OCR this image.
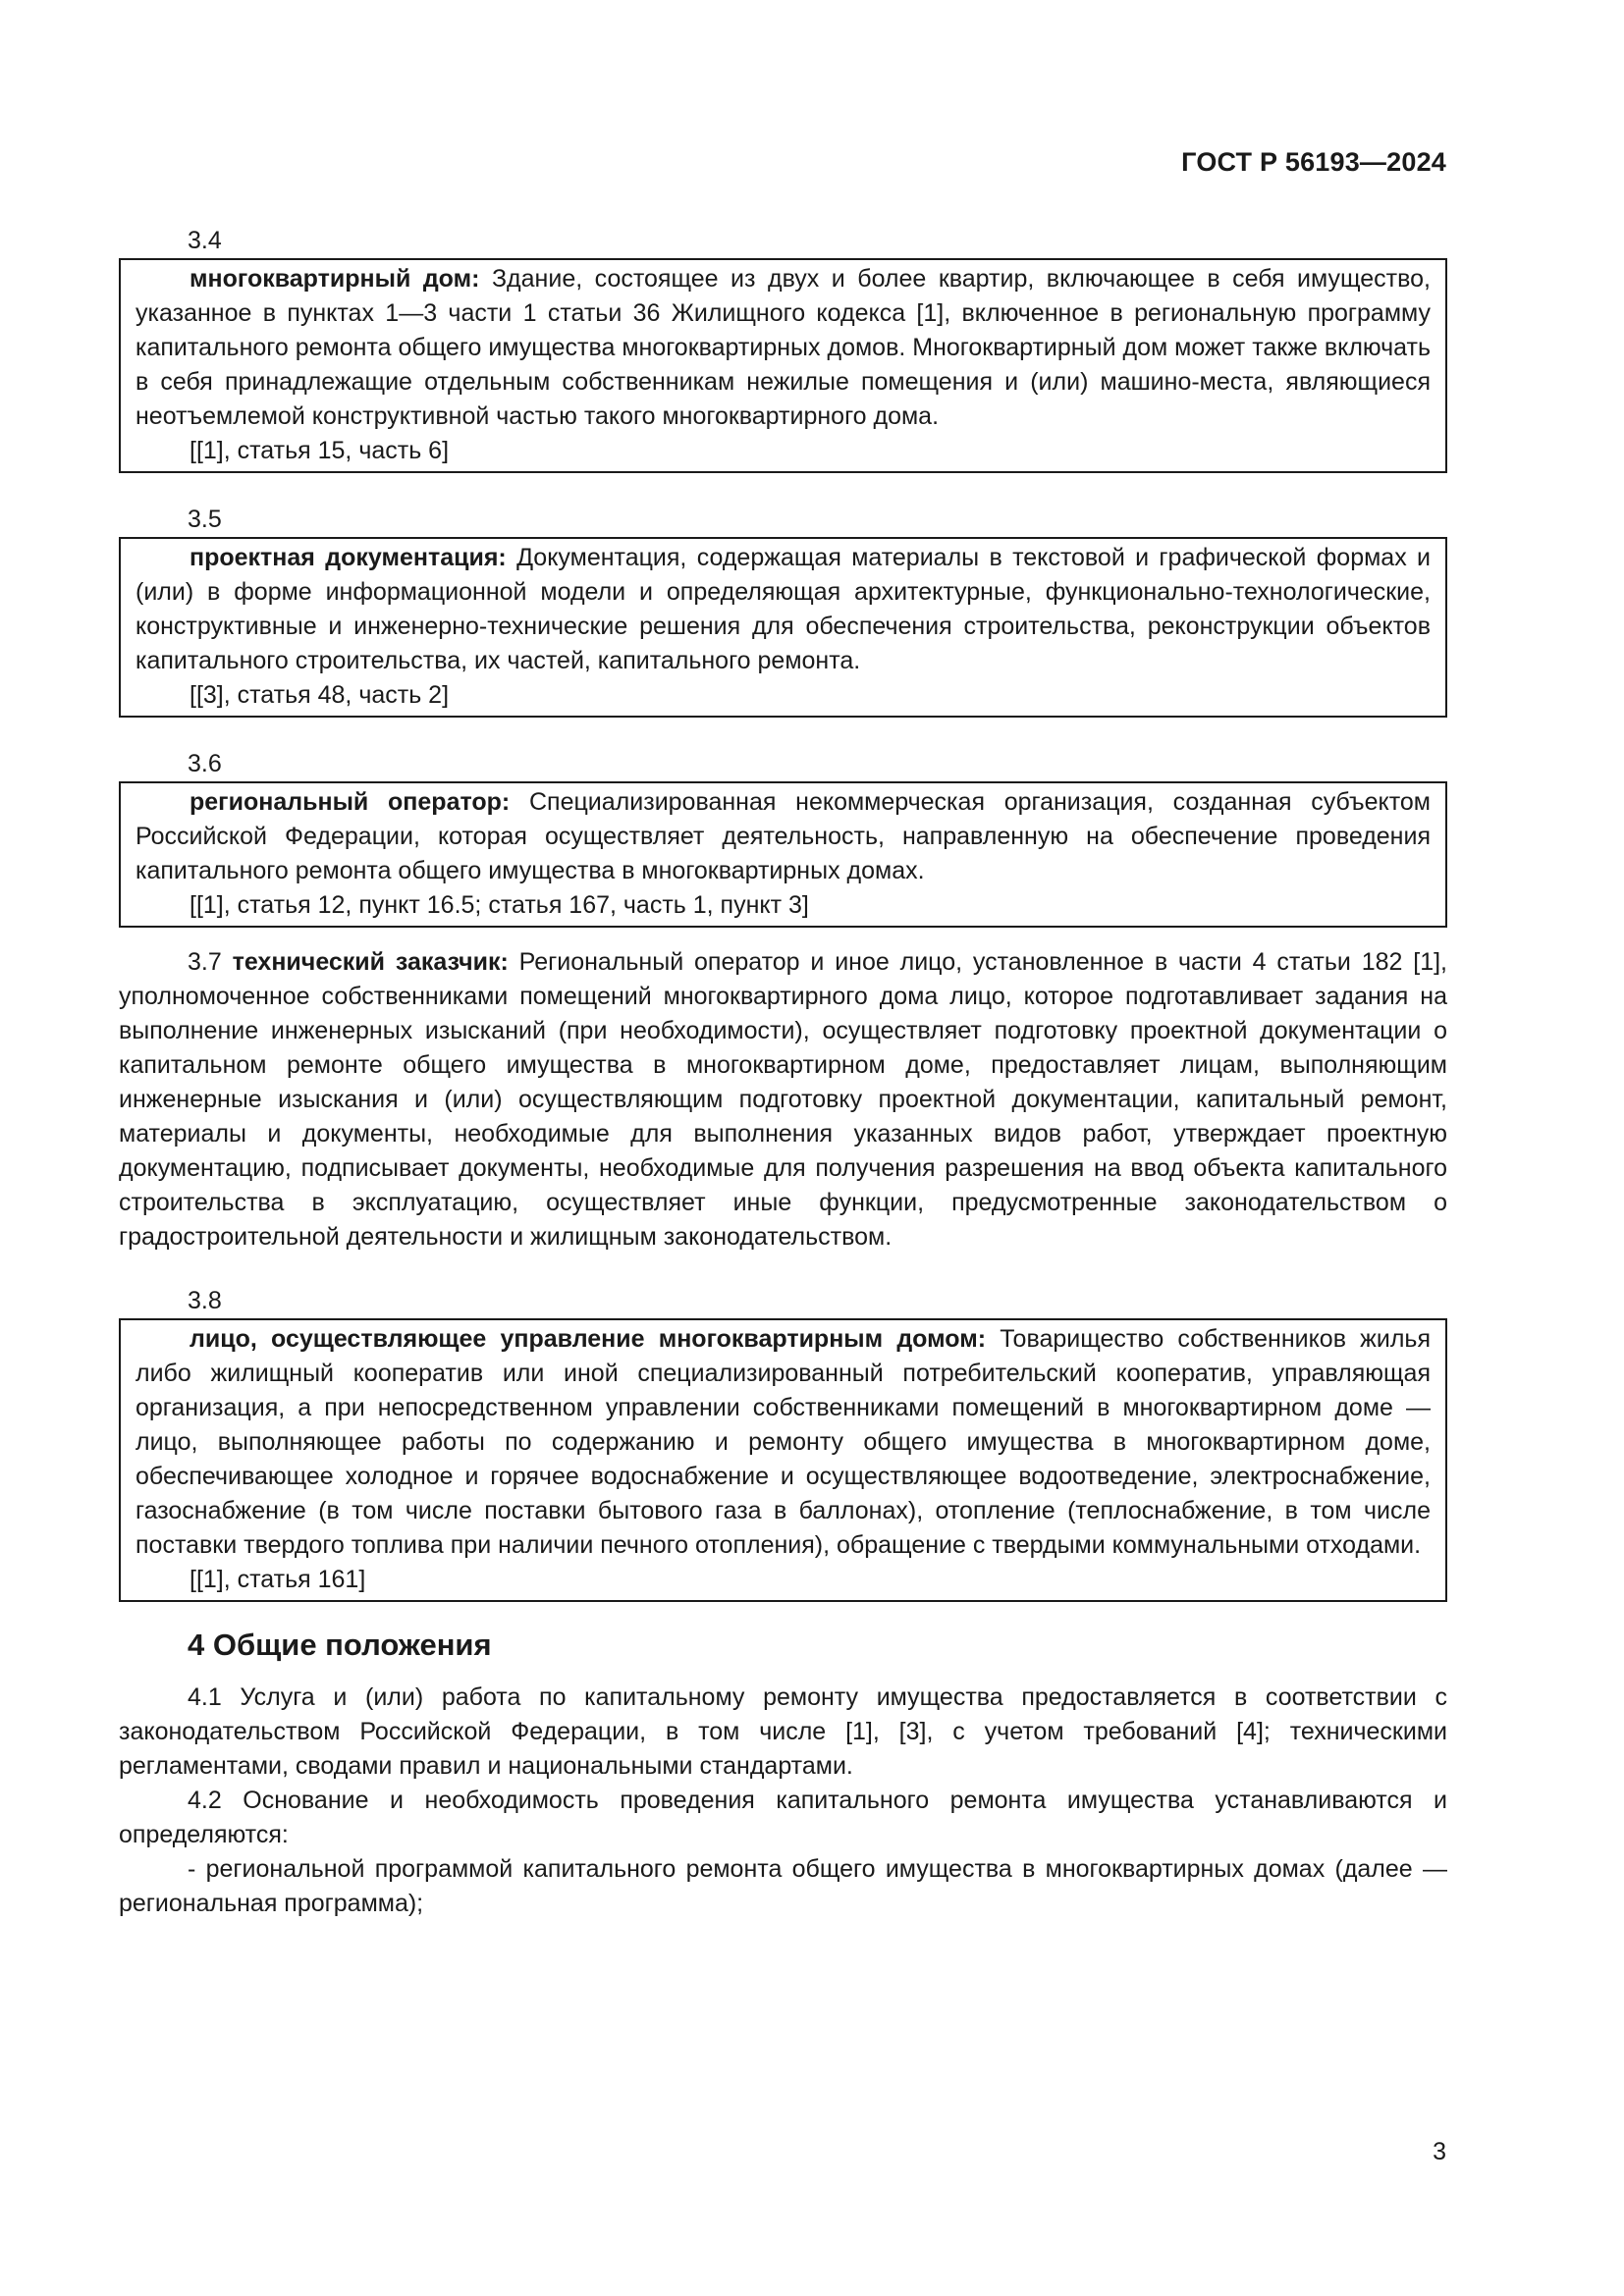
ГОСТ Р 56193—2024

3.4

многоквартирный дом: Здание, состоящее из двух и более квартир, включающее в себя имущество, указанное в пунктах 1—3 части 1 статьи 36 Жилищного кодекса [1], включенное в региональную программу капитального ремонта общего имущества многоквартирных домов. Многоквартирный дом может также включать в себя принадлежащие отдельным собственникам нежилые помещения и (или) машино-места, являющиеся неотъемлемой конструктивной частью такого многоквартирного дома.

[[1], статья 15, часть 6]

3.5

проектная документация: Документация, содержащая материалы в текстовой и графической формах и (или) в форме информационной модели и определяющая архитектурные, функционально-технологические, конструктивные и инженерно-технические решения для обеспечения строительства, реконструкции объектов капитального строительства, их частей, капитального ремонта.

[[3], статья 48, часть 2]

3.6

региональный оператор: Специализированная некоммерческая организация, созданная субъектом Российской Федерации, которая осуществляет деятельность, направленную на обеспечение проведения капитального ремонта общего имущества в многоквартирных домах.

[[1], статья 12, пункт 16.5; статья 167, часть 1, пункт 3]

3.7 технический заказчик: Региональный оператор и иное лицо, установленное в части 4 статьи 182 [1], уполномоченное собственниками помещений многоквартирного дома лицо, которое подготавливает задания на выполнение инженерных изысканий (при необходимости), осуществляет подготовку проектной документации о капитальном ремонте общего имущества в многоквартирном доме, предоставляет лицам, выполняющим инженерные изыскания и (или) осуществляющим подготовку проектной документации, капитальный ремонт, материалы и документы, необходимые для выполнения указанных видов работ, утверждает проектную документацию, подписывает документы, необходимые для получения разрешения на ввод объекта капитального строительства в эксплуатацию, осуществляет иные функции, предусмотренные законодательством о градостроительной деятельности и жилищным законодательством.

3.8

лицо, осуществляющее управление многоквартирным домом: Товарищество собственников жилья либо жилищный кооператив или иной специализированный потребительский кооператив, управляющая организация, а при непосредственном управлении собственниками помещений в многоквартирном доме — лицо, выполняющее работы по содержанию и ремонту общего имущества в многоквартирном доме, обеспечивающее холодное и горячее водоснабжение и осуществляющее водоотведение, электроснабжение, газоснабжение (в том числе поставки бытового газа в баллонах), отопление (теплоснабжение, в том числе поставки твердого топлива при наличии печного отопления), обращение с твердыми коммунальными отходами.

[[1], статья 161]

4 Общие положения

4.1 Услуга и (или) работа по капитальному ремонту имущества предоставляется в соответствии с законодательством Российской Федерации, в том числе [1], [3], с учетом требований [4]; техническими регламентами, сводами правил и национальными стандартами.

4.2 Основание и необходимость проведения капитального ремонта имущества устанавливаются и определяются:

- региональной программой капитального ремонта общего имущества в многоквартирных домах (далее — региональная программа);

3
